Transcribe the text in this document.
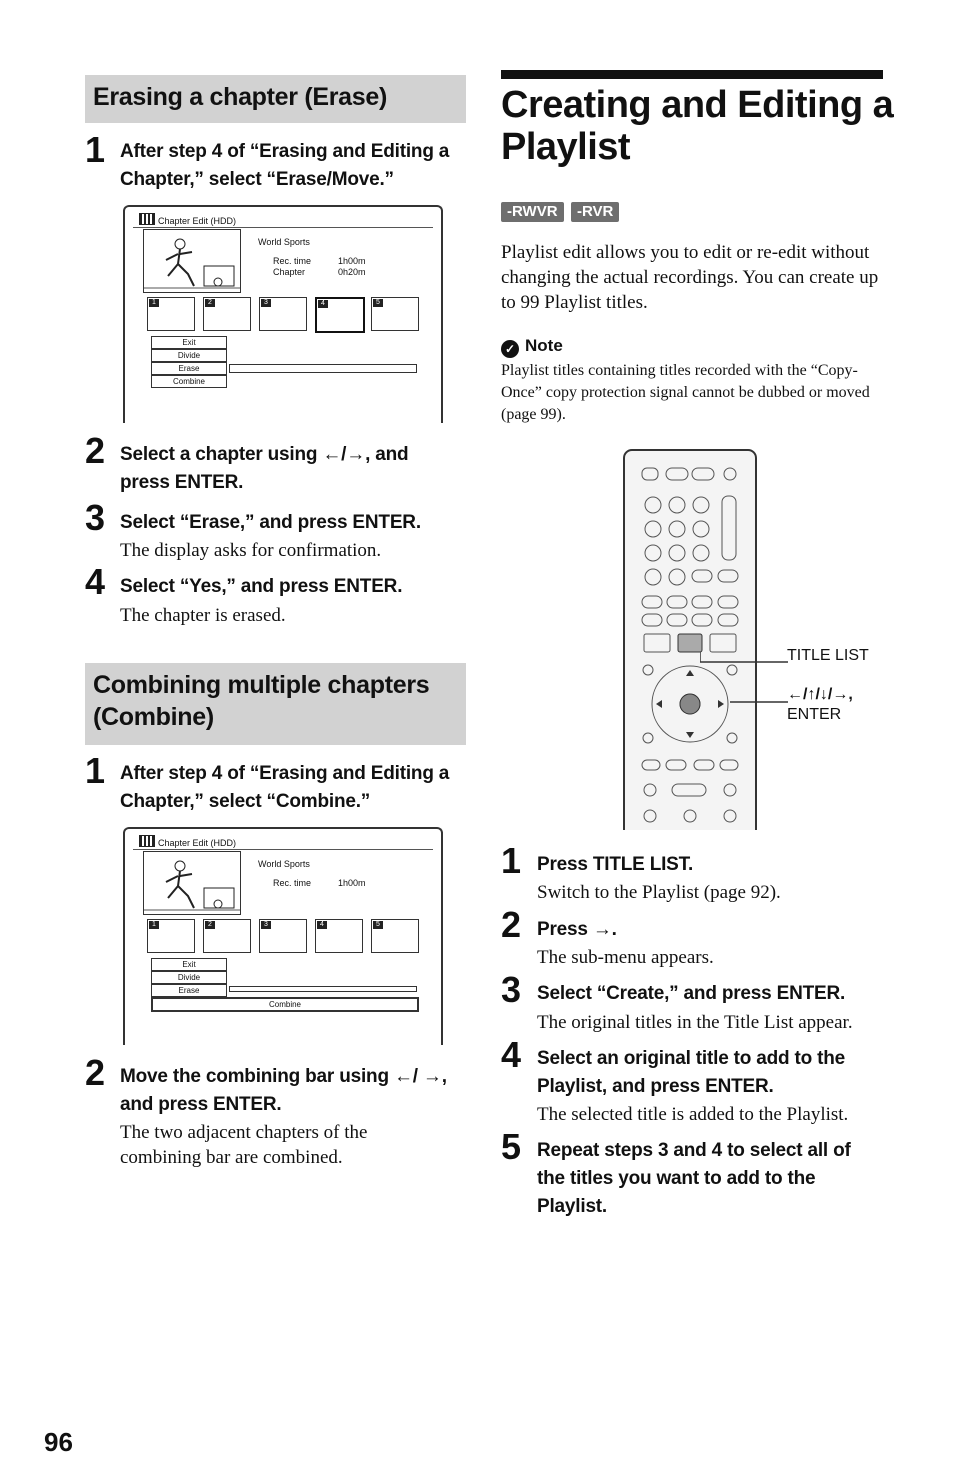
Erasing a chapter (Erase)
1 After step 4 of “Erasing and Editing a Chapter,” select “Erase/Move.”
Chapter Edit (HDD)
World Sports
Rec. time	1h00m
Chapter	0h20m
1	2	3	4	5
Exit
Divide
Erase
Combine
2 Select a chapter using ←/→, and press ENTER.
3 Select “Erase,” and press ENTER.
The display asks for confirmation.
4 Select “Yes,” and press ENTER.
The chapter is erased.
Combining multiple chapters (Combine)
1 After step 4 of “Erasing and Editing a Chapter,” select “Combine.”
Chapter Edit (HDD)
World Sports
Rec. time	1h00m
1	2	3	4	5
Exit
Divide
Erase
Combine
2 Move the combining bar using ←/ →, and press ENTER.
The two adjacent chapters of the combining bar are combined.
96
Creating and Editing a
Playlist
-RWVR	-RVR
Playlist edit allows you to edit or re-edit without changing the actual recordings. You can create up to 99 Playlist titles.
✓ Note
Playlist titles containing titles recorded with the “Copy-Once” copy protection signal cannot be dubbed or moved (page 99).
TITLE LIST
←/↑/↓/→,
ENTER
1 Press TITLE LIST.
Switch to the Playlist (page 92).
2 Press →.
The sub-menu appears.
3 Select “Create,” and press ENTER.
The original titles in the Title List appear.
4 Select an original title to add to the Playlist, and press ENTER.
The selected title is added to the Playlist.
5 Repeat steps 3 and 4 to select all of the titles you want to add to the Playlist.
